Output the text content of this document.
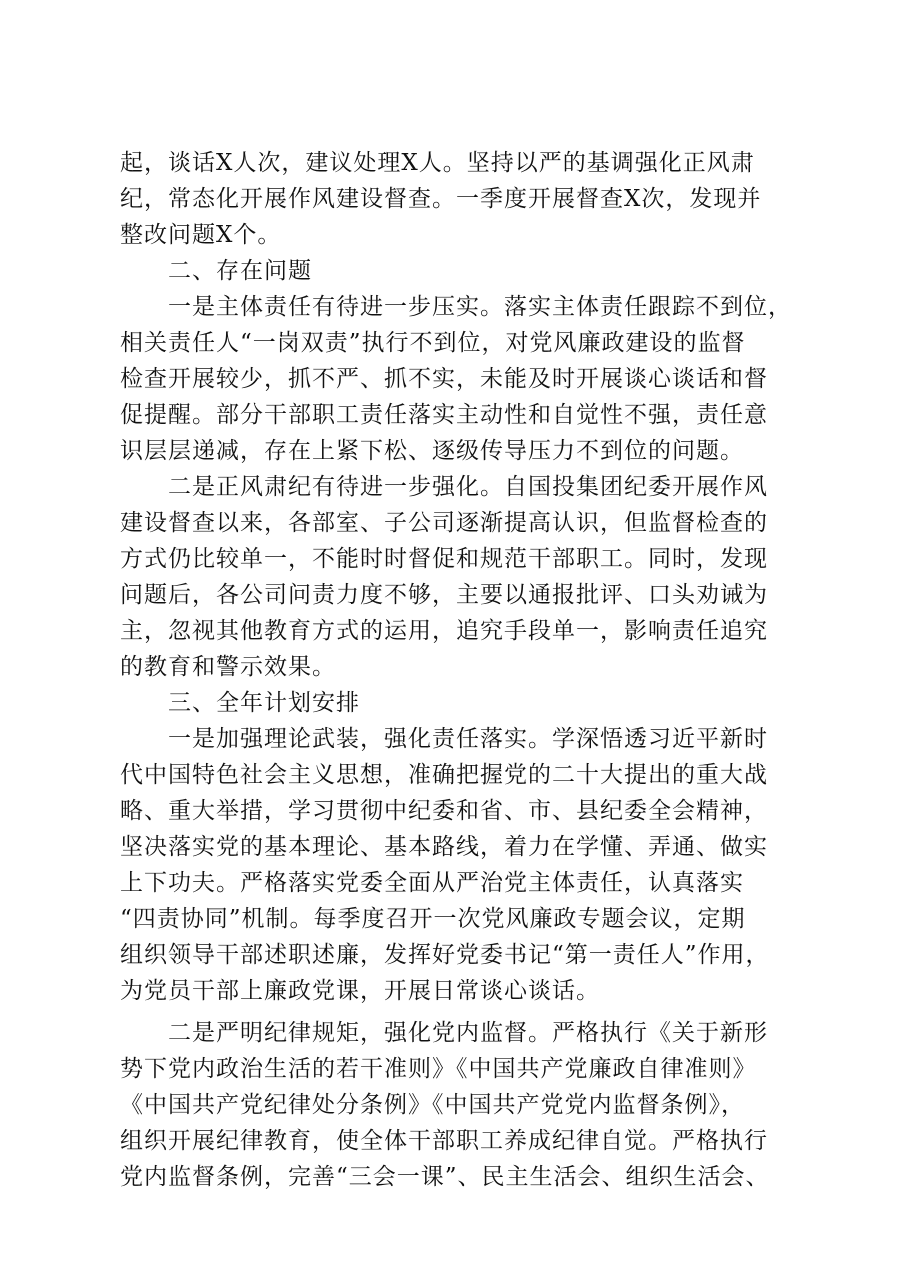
起，谈话Ⅹ人次，建议处理Ⅹ人。坚持以严的基调强化正风肃
纪，常态化开展作风建设督查。一季度开展督查Ⅹ次，发现并
整改问题Ⅹ个。
二、存在问题
一是主体责任有待进一步压实。落实主体责任跟踪不到位，
相关责任人“一岗双责”执行不到位，对党风廉政建设的监督
检查开展较少，抓不严、抓不实，未能及时开展谈心谈话和督
促提醒。部分干部职工责任落实主动性和自觉性不强，责任意
识层层递减，存在上紧下松、逐级传导压力不到位的问题。
二是正风肃纪有待进一步强化。自国投集团纪委开展作风
建设督查以来，各部室、子公司逐渐提高认识，但监督检查的
方式仍比较单一，不能时时督促和规范干部职工。同时，发现
问题后，各公司问责力度不够，主要以通报批评、口头劝诫为
主，忽视其他教育方式的运用，追究手段单一，影响责任追究
的教育和警示效果。
三、全年计划安排
一是加强理论武装，强化责任落实。学深悟透习近平新时
代中国特色社会主义思想，准确把握党的二十大提出的重大战
略、重大举措，学习贯彻中纪委和省、市、县纪委全会精神，
坚决落实党的基本理论、基本路线，着力在学懂、弄通、做实
上下功夫。严格落实党委全面从严治党主体责任，认真落实
“四责协同”机制。每季度召开一次党风廉政专题会议，定期
组织领导干部述职述廉，发挥好党委书记“第一责任人”作用，
为党员干部上廉政党课，开展日常谈心谈话。
二是严明纪律规矩，强化党内监督。严格执行《关于新形
势下党内政治生活的若干准则》《中国共产党廉政自律准则》
《中国共产党纪律处分条例》《中国共产党党内监督条例》，
组织开展纪律教育，使全体干部职工养成纪律自觉。严格执行
党内监督条例，完善“三会一课”、民主生活会、组织生活会、
